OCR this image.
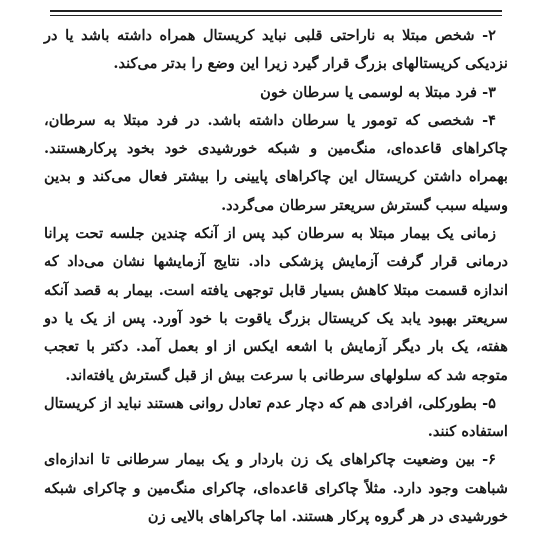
۲- شخص مبتلا به ناراحتی قلبی نباید کریستال همراه داشته باشد یا در نزدیکی کریستالهای بزرگ قرار گیرد زیرا این وضع را بدتر می‌کند.

۳- فرد مبتلا به لوسمی یا سرطان خون

۴- شخصی که تومور یا سرطان داشته باشد. در فرد مبتلا به سرطان، چاکراهای قاعده‌ای، منگ‌مین و شبکه خورشیدی خود بخود پرکارهستند. بهمراه داشتن کریستال این چاکراهای پایینی را بیشتر فعال می‌کند و بدین وسیله سبب گسترش سریعتر سرطان می‌گردد.

زمانی یک بیمار مبتلا به سرطان کبد پس از آنکه چندین جلسه تحت پرانا درمانی قرار گرفت آزمایش پزشکی داد. نتایج آزمایشها نشان می‌داد که اندازه قسمت مبتلا کاهش بسیار قابل توجهی یافته است. بیمار به قصد آنکه سریعتر بهبود یابد یک کریستال بزرگ یاقوت با خود آورد. پس از یک یا دو هفته، یک بار دیگر آزمایش با اشعه ایکس از او بعمل آمد. دکتر با تعجب متوجه شد که سلولهای سرطانی با سرعت بیش از قبل گسترش یافته‌اند.

۵- بطورکلی، افرادی هم که دچار عدم تعادل روانی هستند نباید از کریستال استفاده کنند.

۶- بین وضعیت چاکراهای یک زن باردار و یک بیمار سرطانی تا اندازه‌ای شباهت وجود دارد. مثلاً چاکرای قاعده‌ای، چاکرای منگ‌مین و چاکرای شبکه خورشیدی در هر گروه پرکار هستند. اما چاکراهای بالایی زن
